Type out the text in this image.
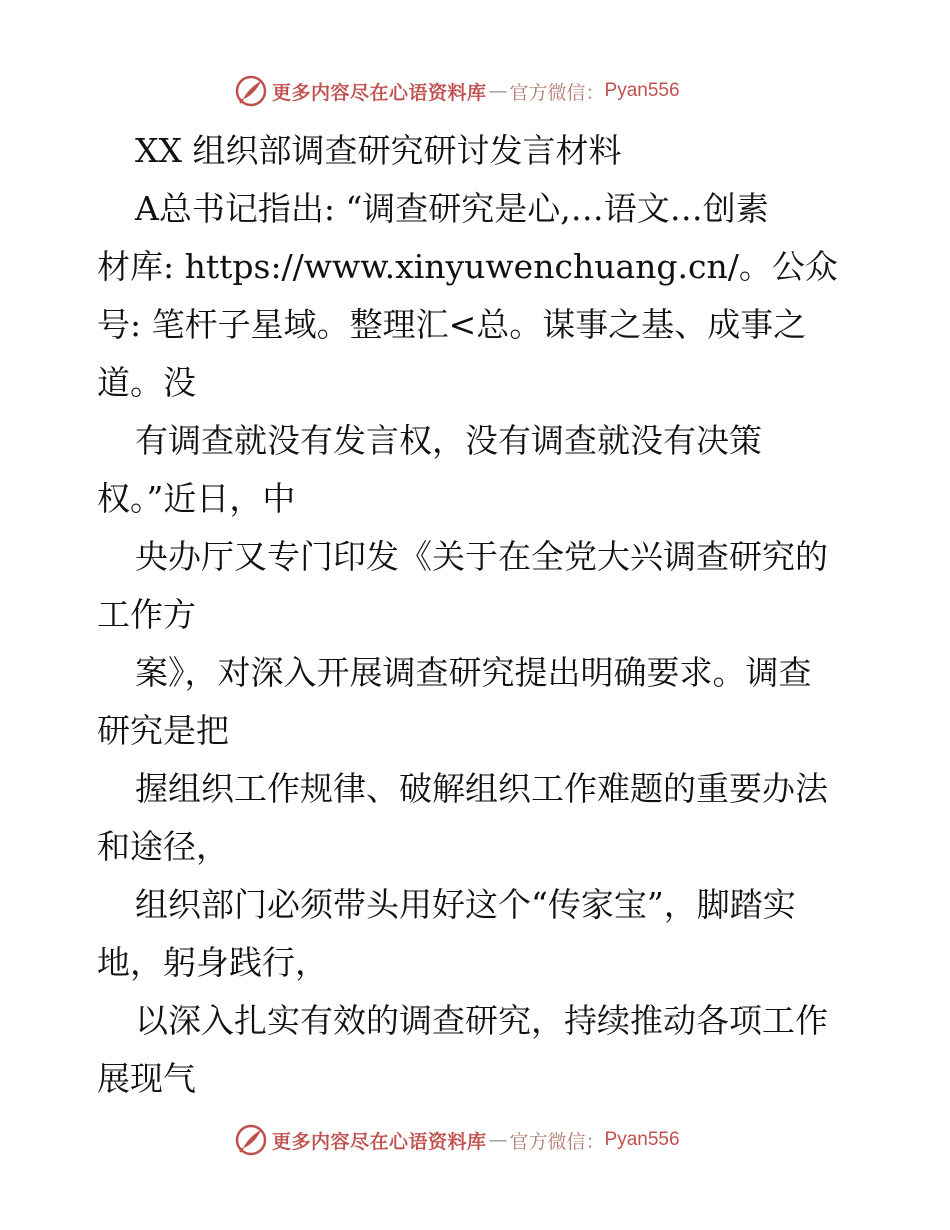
更多内容尽在心语资料库 — 官方微信： Pyan556
XX 组织部调查研究研讨发言材料
A总书记指出: “调查研究是心,…语文…创素
材库: https://www.xinyuwenchuang.cn/。公众
号: 笔杆子星域。整理汇<总。谋事之基、成事之
道。没
有调查就没有发言权，没有调查就没有决策
权。”近日，中
央办厅又专门印发《关于在全党大兴调查研究的
工作方
案》，对深入开展调查研究提出明确要求。调查
研究是把
握组织工作规律、破解组织工作难题的重要办法
和途径，
组织部门必须带头用好这个“传家宝”，脚踏实
地，躬身践行，
以深入扎实有效的调查研究，持续推动各项工作
展现气
更多内容尽在心语资料库 — 官方微信： Pyan556
